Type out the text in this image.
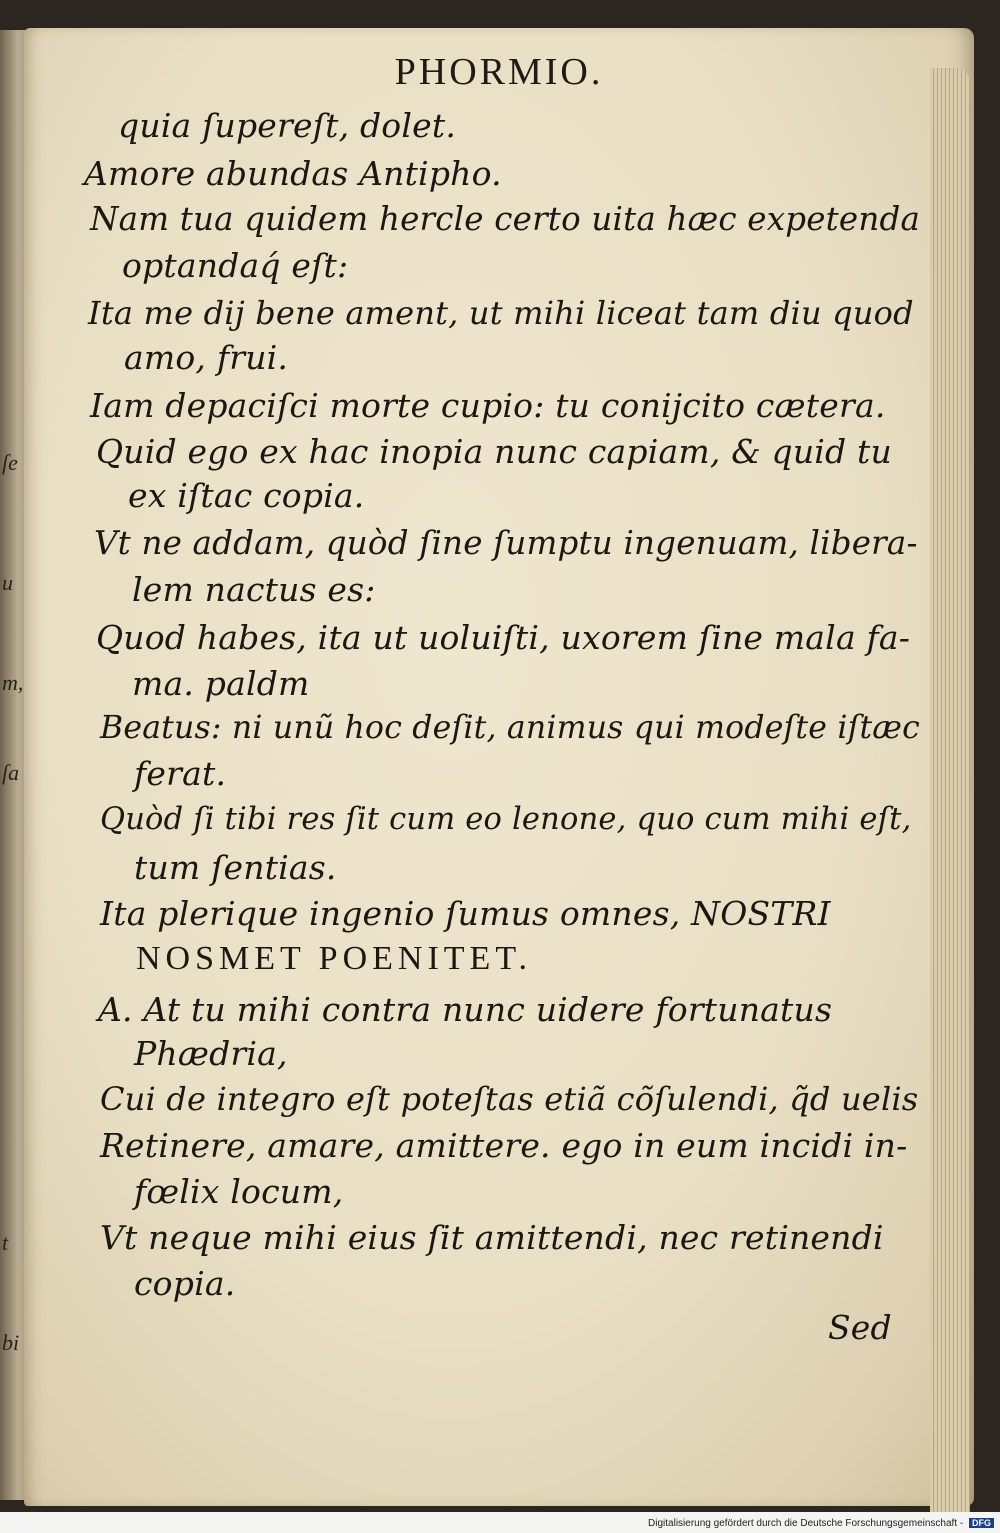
ſe
u
m,
ſa
t
bi
PHORMIO.
quia ſupereſt, dolet.
Amore abundas Antipho.
Nam tua quidem hercle certo uita hæc expetenda
optandaq́ eſt:
Ita me dij bene ament, ut mihi liceat tam diu quod
amo, frui.
Iam depaciſci morte cupio: tu conijcito cætera.
Quid ego ex hac inopia nunc capiam, & quid tu
ex iſtac copia.
Vt ne addam, quòd ſine ſumptu ingenuam, libera-
lem nactus es:
Quod habes, ita ut uoluiſti, uxorem ſine mala fa-
ma. paldm
Beatus: ni unũ hoc deſit, animus qui modeſte iſtæc
ferat.
Quòd ſi tibi res ſit cum eo lenone, quo cum mihi eſt,
tum ſentias.
Ita plerique ingenio ſumus omnes, NOSTRI
NOSMET POENITET.
A. At tu mihi contra nunc uidere fortunatus
Phædria,
Cui de integro eſt poteſtas etiã cõſulendi, q̃d uelis
Retinere, amare, amittere. ego in eum incidi in-
fœlix locum,
Vt neque mihi eius ſit amittendi, nec retinendi
copia.
Sed
Digitalisierung gefördert durch die Deutsche Forschungsgemeinschaft - DFG
